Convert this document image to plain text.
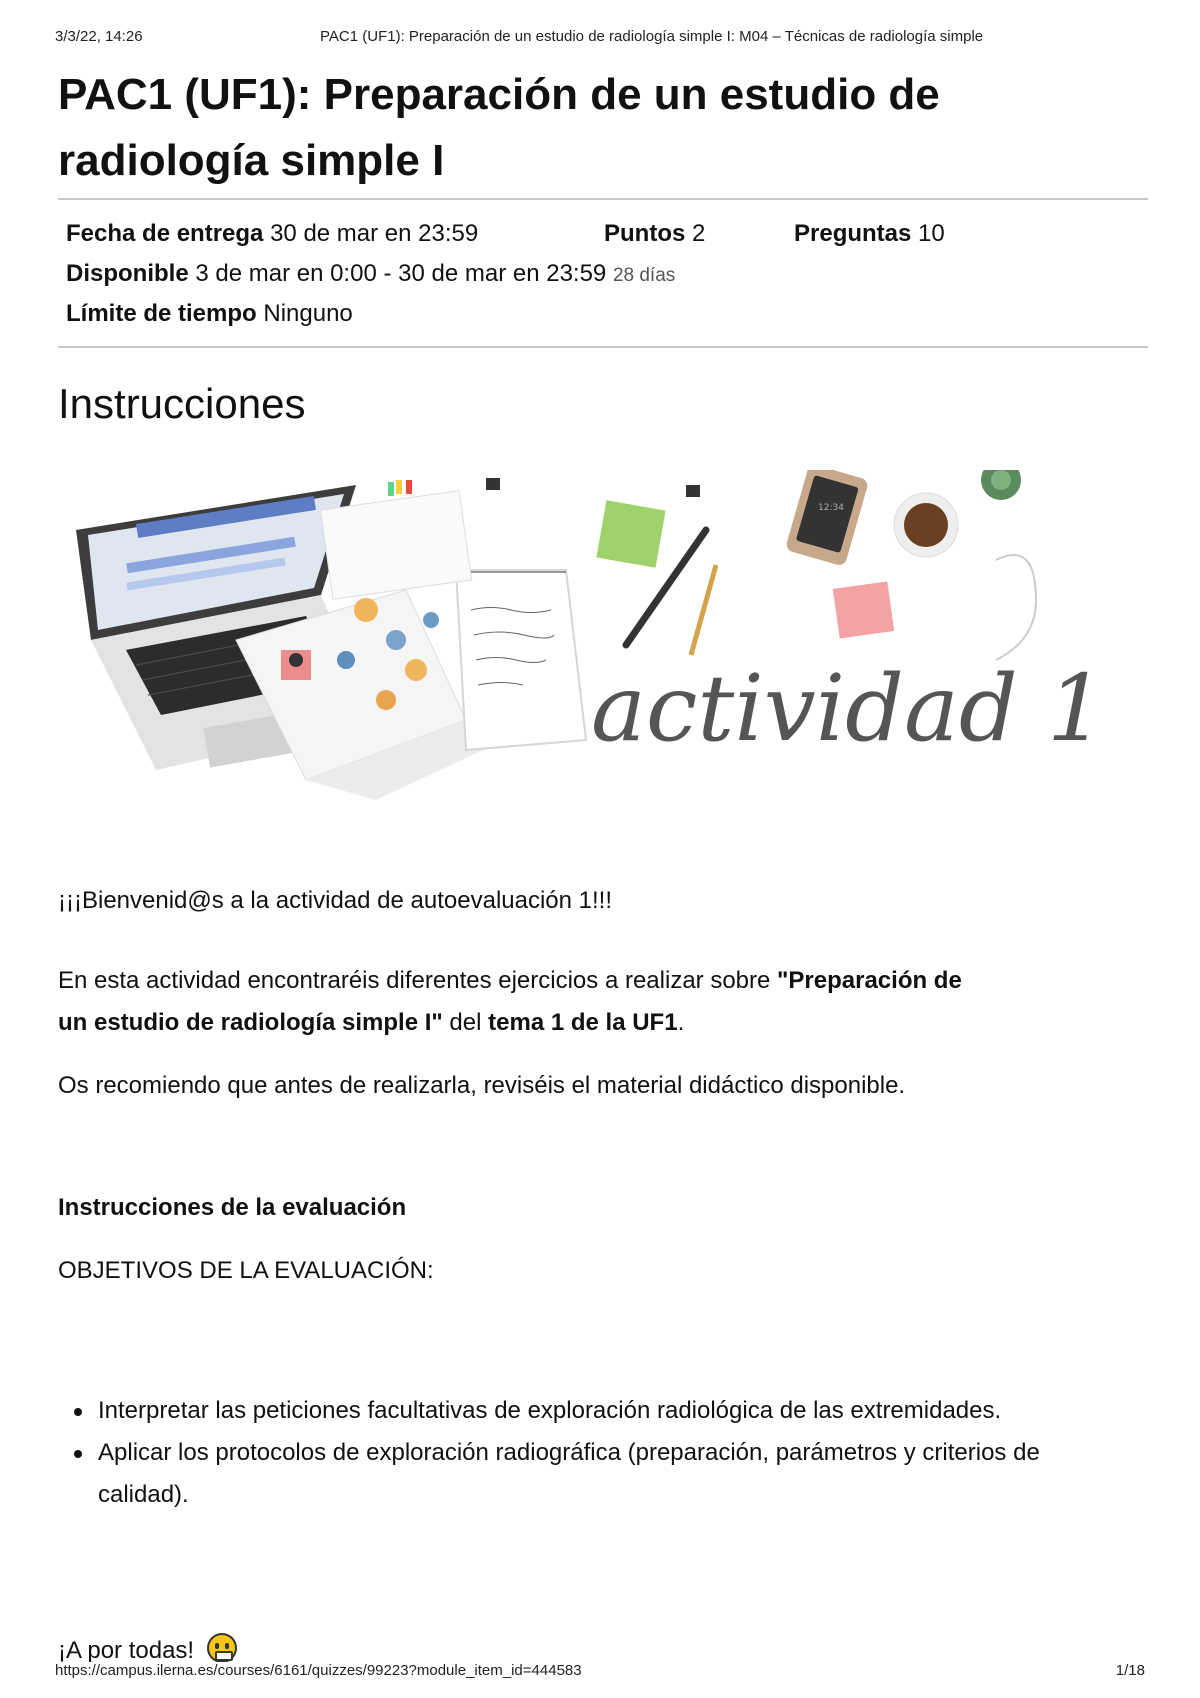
3/3/22, 14:26	PAC1 (UF1): Preparación de un estudio de radiología simple I: M04 – Técnicas de radiología simple
PAC1 (UF1): Preparación de un estudio de
radiología simple I
Fecha de entrega 30 de mar en 23:59	Puntos 2	Preguntas 10
Disponible 3 de mar en 0:00 - 30 de mar en 23:59 28 días
Límite de tiempo Ninguno
Instrucciones
12:34
actividad 1

¡¡¡Bienvenid@s a la actividad de autoevaluación 1!!!

En esta actividad encontraréis diferentes ejercicios a realizar sobre "Preparación de
un estudio de radiología simple I" del tema 1 de la UF1.

Os recomiendo que antes de realizarla, reviséis el material didáctico disponible.

Instrucciones de la evaluación

OBJETIVOS DE LA EVALUACIÓN:

Interpretar las peticiones facultativas de exploración radiológica de las extremidades.
Aplicar los protocolos de exploración radiográfica (preparación, parámetros y criterios de calidad).
¡A por todas!
https://campus.ilerna.es/courses/6161/quizzes/99223?module_item_id=444583	1/18
